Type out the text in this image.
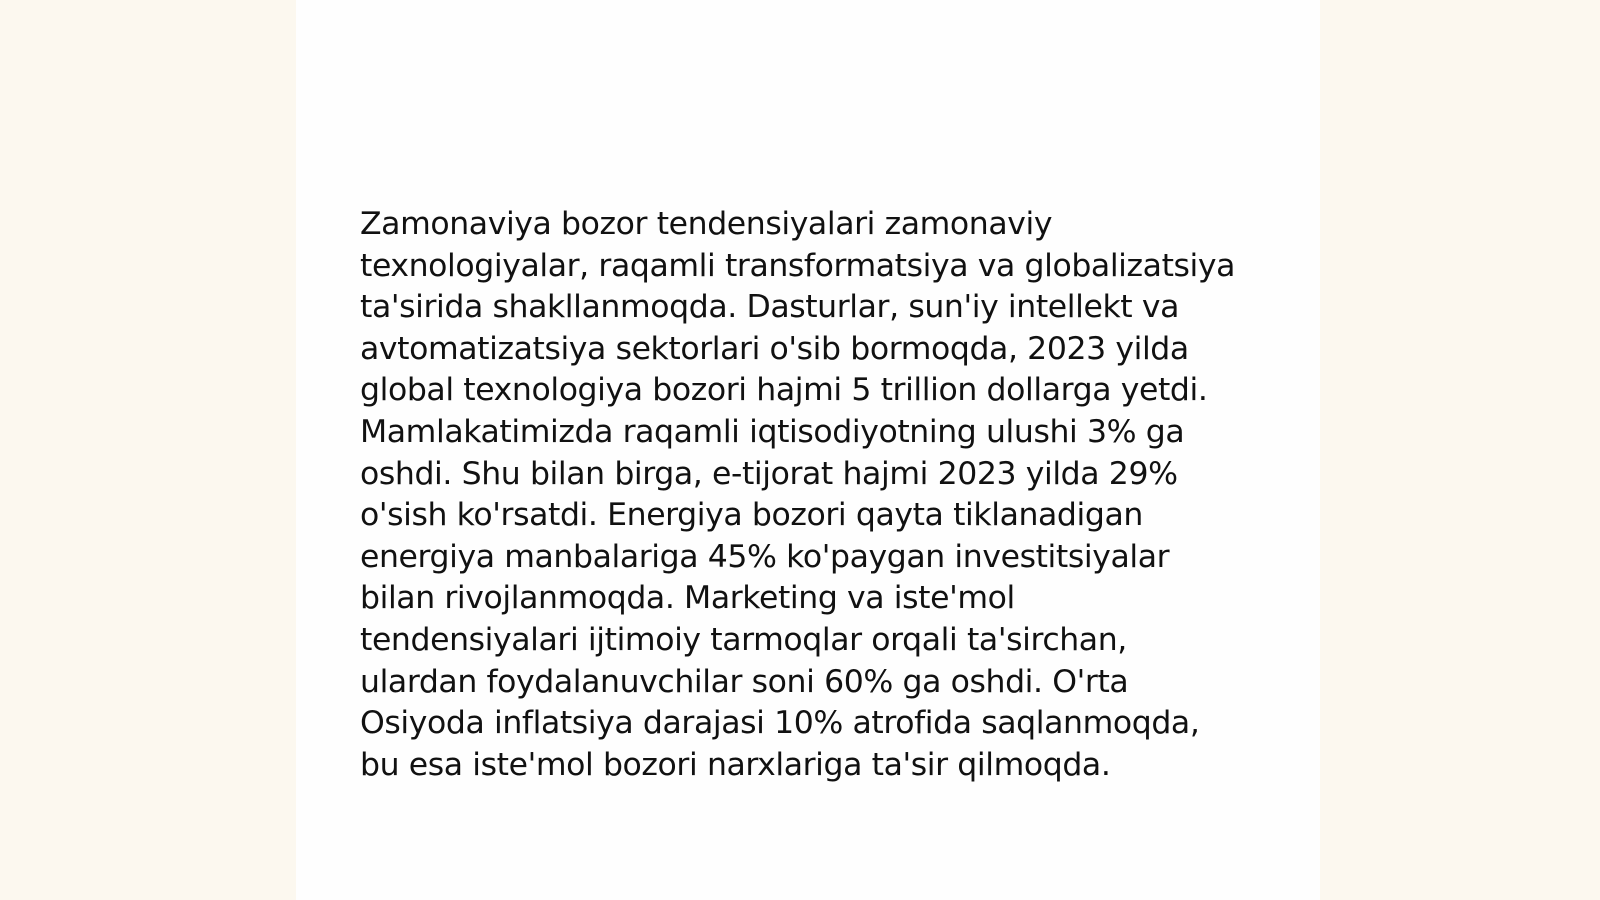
Zamonaviya bozor tendensiyalari zamonaviy texnologiyalar, raqamli transformatsiya va globalizatsiya ta'sirida shakllanmoqda. Dasturlar, sun'iy intellekt va avtomatizatsiya sektorlari o'sib bormoqda, 2023 yilda global texnologiya bozori hajmi 5 trillion dollarga yetdi. Mamlakatimizda raqamli iqtisodiyotning ulushi 3% ga oshdi. Shu bilan birga, e-tijorat hajmi 2023 yilda 29% o'sish ko'rsatdi. Energiya bozori qayta tiklanadigan energiya manbalariga 45% ko'paygan investitsiyalar bilan rivojlanmoqda. Marketing va iste'mol tendensiyalari ijtimoiy tarmoqlar orqali ta'sirchan, ulardan foydalanuvchilar soni 60% ga oshdi. O'rta Osiyoda inflatsiya darajasi 10% atrofida saqlanmoqda, bu esa iste'mol bozori narxlariga ta'sir qilmoqda.
